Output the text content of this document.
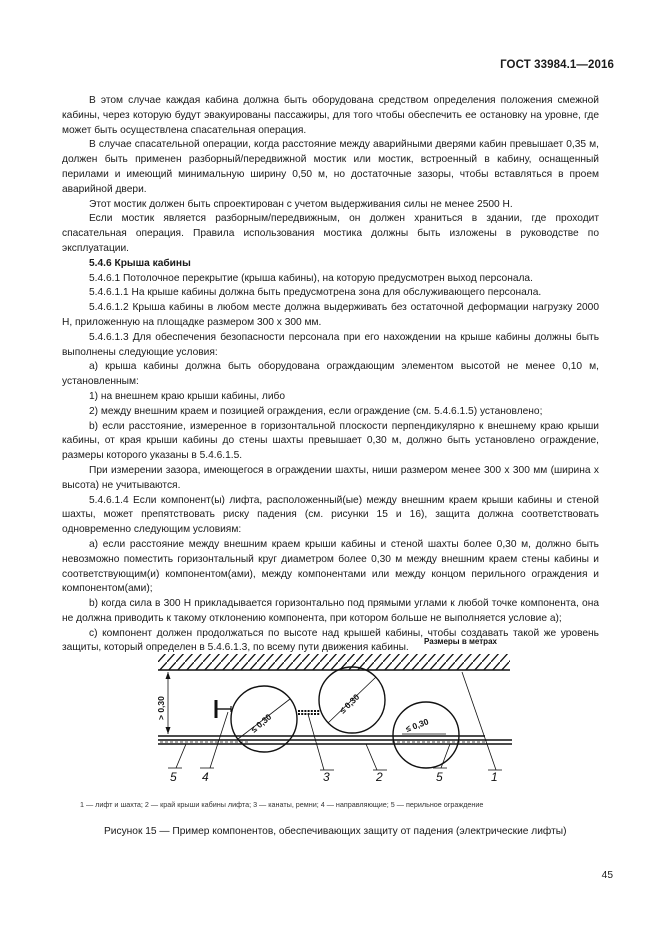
ГОСТ 33984.1—2016

В этом случае каждая кабина должна быть оборудована средством определения положения смежной кабины, через которую будут эвакуированы пассажиры, для того чтобы обеспечить ее остановку на уровне, где может быть осуществлена спасательная операция.

В случае спасательной операции, когда расстояние между аварийными дверями кабин превышает 0,35 м, должен быть применен разборный/передвижной мостик или мостик, встроенный в кабину, оснащенный перилами и имеющий минимальную ширину 0,50 м, но достаточные зазоры, чтобы вставляться в проем аварийной двери.

Этот мостик должен быть спроектирован с учетом выдерживания силы не менее 2500 Н.

Если мостик является разборным/передвижным, он должен храниться в здании, где проходит спасательная операция. Правила использования мостика должны быть изложены в руководстве по эксплуатации.

5.4.6 Крыша кабины

5.4.6.1 Потолочное перекрытие (крыша кабины), на которую предусмотрен выход персонала.

5.4.6.1.1 На крыше кабины должна быть предусмотрена зона для обслуживающего персонала.

5.4.6.1.2 Крыша кабины в любом месте должна выдерживать без остаточной деформации нагрузку 2000 Н, приложенную на площадке размером 300 х 300 мм.

5.4.6.1.3 Для обеспечения безопасности персонала при его нахождении на крыше кабины должны быть выполнены следующие условия:

а) крыша кабины должна быть оборудована ограждающим элементом высотой не менее 0,10 м, установленным:

1) на внешнем краю крыши кабины, либо

2) между внешним краем и позицией ограждения, если ограждение (см. 5.4.6.1.5) установлено;

b) если расстояние, измеренное в горизонтальной плоскости перпендикулярно к внешнему краю крыши кабины, от края крыши кабины до стены шахты превышает 0,30 м, должно быть установлено ограждение, размеры которого указаны в 5.4.6.1.5.

При измерении зазора, имеющегося в ограждении шахты, ниши размером менее 300 х 300 мм (ширина х высота) не учитываются.

5.4.6.1.4 Если компонент(ы) лифта, расположенный(ые) между внешним краем крыши кабины и стеной шахты, может препятствовать риску падения (см. рисунки 15 и 16), защита должна соответствовать одновременно следующим условиям:

а) если расстояние между внешним краем крыши кабины и стеной шахты более 0,30 м, должно быть невозможно поместить горизонтальный круг диаметром более 0,30 м между внешним краем стены кабины и соответствующим(и) компонентом(ами), между компонентами или между концом перильного ограждения и компонентом(ами);

b) когда сила в 300 Н прикладывается горизонтально под прямыми углами к любой точке компонента, она не должна приводить к такому отклонению компонента, при котором больше не выполняется условие а);

с) компонент должен продолжаться по высоте над крышей кабины, чтобы создавать такой же уровень защиты, который определен в 5.4.6.1.3, по всему пути движения кабины.

Размеры в метрах
> 0,30
≤ 0,30
≤ 0,30
≤ 0,30
5 4	3	2	5	1
1 — лифт и шахта; 2 — край крыши кабины лифта; 3 — канаты, ремни; 4 — направляющие; 5 — перильное ограждение
Рисунок 15 — Пример компонентов, обеспечивающих защиту от падения (электрические лифты)
45
